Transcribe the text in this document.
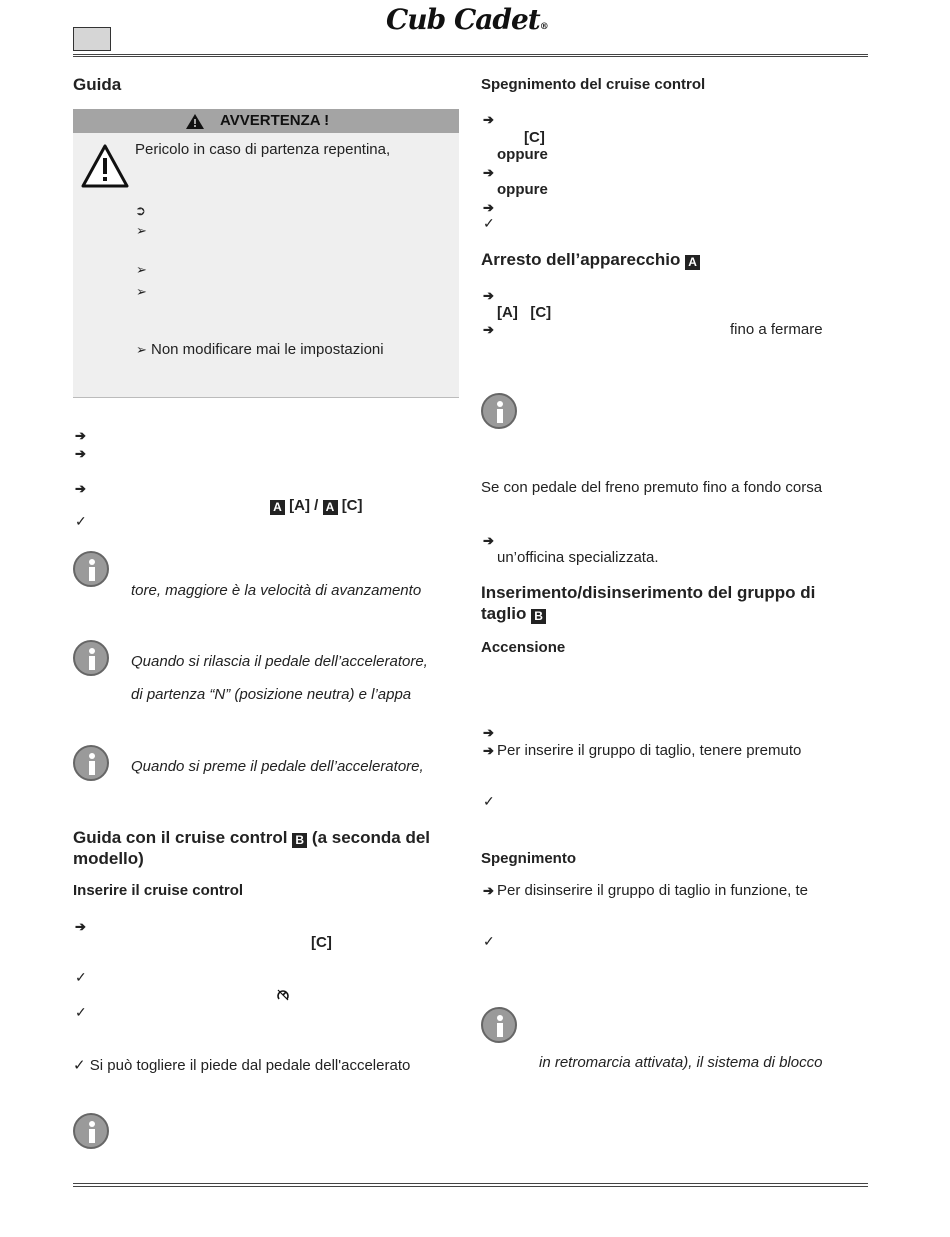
Cub Cadet®
Guida
AVVERTENZA !
Pericolo in caso di partenza repentina,
➲
➢
➢
➢
➢ Non modificare mai le impostazioni
➔
➔
➔
A [A] / A [C]
✓
tore, maggiore è la velocità di avanzamento
Quando si rilascia il pedale dell’acceleratore,
di partenza “N” (posizione neutra) e l’appa
Quando si preme il pedale dell’acceleratore,
Guida con il cruise control B (a seconda del
modello)
Inserire il cruise control
➔
[C]
✓
✓
✓ Si può togliere il piede dal pedale dell'accelerato
Spegnimento del cruise control
➔
[C]
oppure
➔
oppure
➔
✓
Arresto dell’apparecchio A
➔
[A]   [C]
➔	fino a fermare
Se con pedale del freno premuto fino a fondo corsa
➔
un’officina specializzata.
Inserimento/disinserimento del gruppo di
taglio B
Accensione
➔
➔ Per inserire il gruppo di taglio, tenere premuto
✓
Spegnimento
➔ Per disinserire il gruppo di taglio in funzione, te
✓
in retromarcia attivata), il sistema di blocco
